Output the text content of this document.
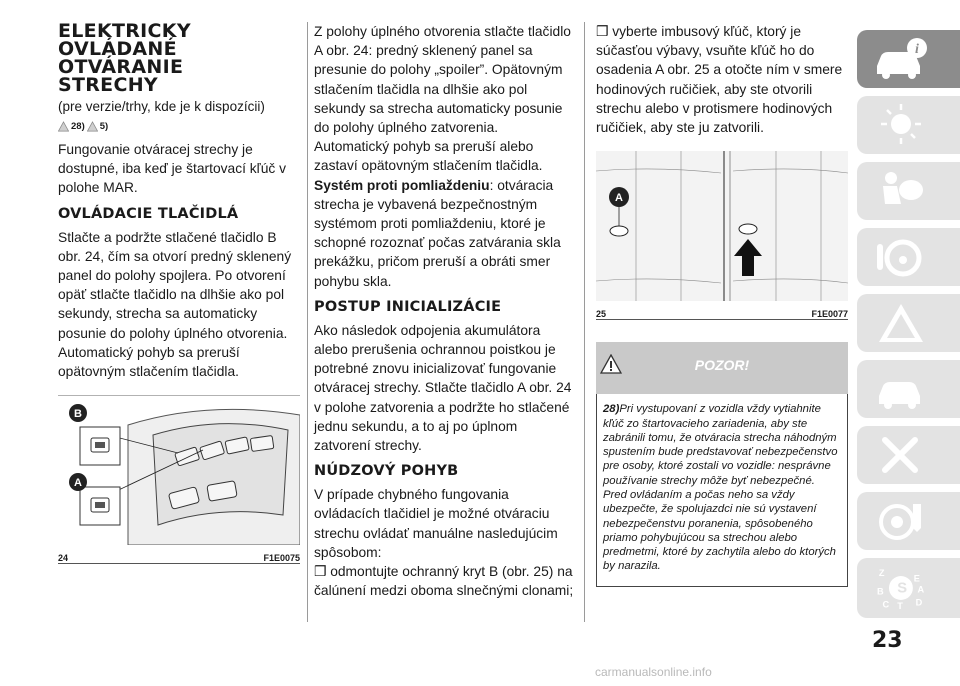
ELEKTRICKY
OVLÁDANÉ
OTVÁRANIE
STRECHY

(pre verzie/trhy, kde je k dispozícii)

28) 5)

Fungovanie otváracej strechy je dostupné, iba keď je štartovací kľúč v polohe MAR.

OVLÁDACIE TLAČIDLÁ

Stlačte a podržte stlačené tlačidlo B obr. 24, čím sa otvorí predný sklenený panel do polohy spojlera. Po otvorení opäť stlačte tlačidlo na dlhšie ako pol sekundy, strecha sa automaticky posunie do polohy úplného otvorenia. Automatický pohyb sa preruší opätovným stlačením tlačidla.

B
A
24	F1E0075

Z polohy úplného otvorenia stlačte tlačidlo A obr. 24: predný sklenený panel sa presunie do polohy „spoiler”. Opätovným stlačením tlačidla na dlhšie ako pol sekundy sa strecha automaticky posunie do polohy úplného zatvorenia. Automatický pohyb sa preruší alebo zastaví opätovným stlačením tlačidla.

Systém proti pomliaždeniu: otváracia strecha je vybavená bezpečnostným systémom proti pomliaždeniu, ktoré je schopné rozoznať počas zatvárania skla prekážku, pričom preruší a obráti smer pohybu skla.

POSTUP INICIALIZÁCIE

Ako následok odpojenia akumulátora alebo prerušenia ochrannou poistkou je potrebné znovu inicializovať fungovanie otváracej strechy. Stlačte tlačidlo A obr. 24 v polohe zatvorenia a podržte ho stlačené jednu sekundu, a to aj po úplnom zatvorení strechy.

NÚDZOVÝ POHYB

V prípade chybného fungovania ovládacích tlačidiel je možné otváraciu strechu ovládať manuálne nasledujúcim spôsobom:

❒ odmontujte ochranný kryt B (obr. 25) na čalúnení medzi oboma slnečnými clonami;

❒ vyberte imbusový kľúč, ktorý je súčasťou výbavy, vsuňte kľúč ho do osadenia A obr. 25 a otočte ním v smere hodinových ručičiek, aby ste otvorili strechu alebo v protismere hodinových ručičiek, aby ste ju zatvorili.

A
25	F1E0077
POZOR!
28)Pri vystupovaní z vozidla vždy vytiahnite kľúč zo štartovacieho zariadenia, aby ste zabránili tomu, že otváracia strecha náhodným spustením bude predstavovať nebezpečenstvo pre osoby, ktoré zostali vo vozidle: nesprávne používanie strechy môže byť nebezpečné. Pred ovládaním a počas neho sa vždy ubezpečte, že spolujazdci nie sú vystavení nebezpečenstvu poranenia, spôsobeného priamo pohybujúcou sa strechou alebo predmetmi, ktoré by zachytila alebo do ktorých by narazila.
i
Z
S
E
A
B
C T D
23
carmanualsonline.info
